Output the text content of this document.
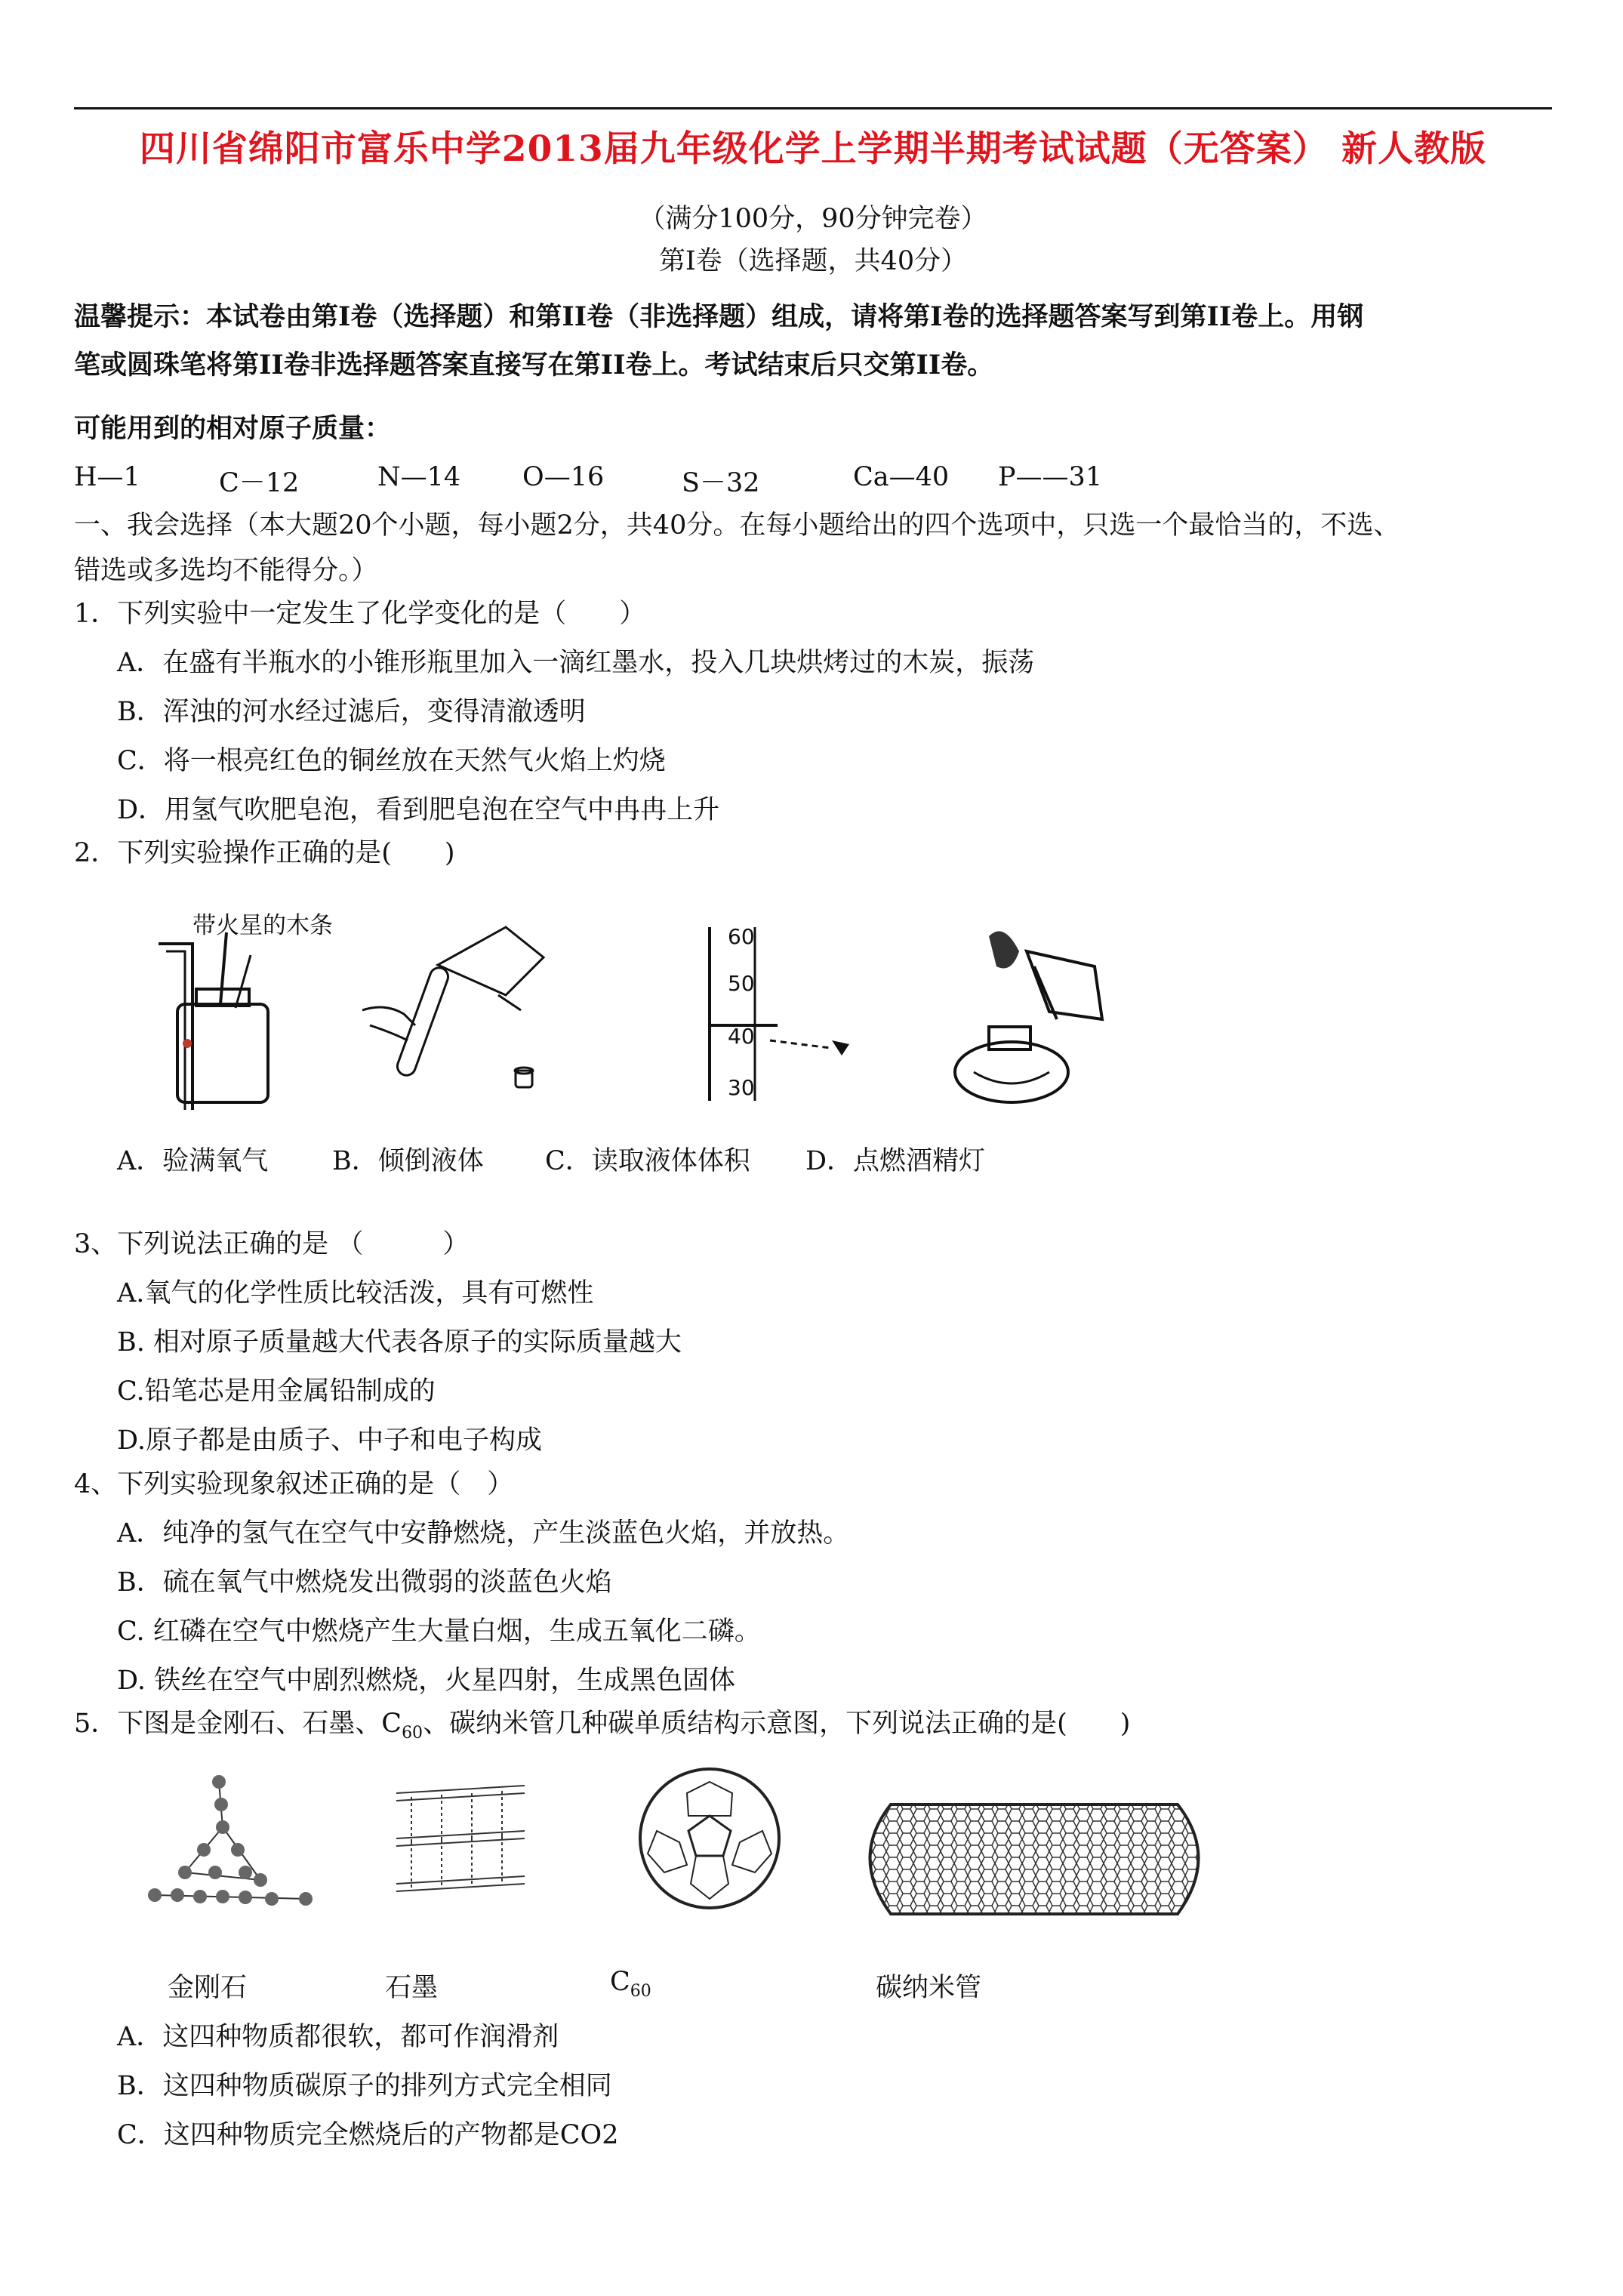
四川省绵阳市富乐中学2013届九年级化学上学期半期考试试题（无答案） 新人教版
（满分100分，90分钟完卷）
第Ⅰ卷（选择题，共40分）
温馨提示：本试卷由第Ⅰ卷（选择题）和第II卷（非选择题）组成，请将第Ⅰ卷的选择题答案写到第II卷上。用钢
笔或圆珠笔将第II卷非选择题答案直接写在第II卷上。考试结束后只交第II卷。
可能用到的相对原子质量：
H—1	C－12	N—14 O—16	S－32	Ca—40 P——31
一、我会选择（本大题20个小题，每小题2分，共40分。在每小题给出的四个选项中，只选一个最恰当的，不选、
错选或多选均不能得分。）
1．下列实验中一定发生了化学变化的是（　　）
A．在盛有半瓶水的小锥形瓶里加入一滴红墨水，投入几块烘烤过的木炭，振荡
B．浑浊的河水经过滤后，变得清澈透明
C．将一根亮红色的铜丝放在天然气火焰上灼烧
D．用氢气吹肥皂泡，看到肥皂泡在空气中冉冉上升
2．下列实验操作正确的是(　　)
带火星的木条	60
50
40
30
A．验满氧气 B．倾倒液体 C．读取液体体积 D．点燃酒精灯
3、下列说法正确的是 （　　　）
A.氧气的化学性质比较活泼，具有可燃性
B. 相对原子质量越大代表各原子的实际质量越大
C.铅笔芯是用金属铅制成的
D.原子都是由质子、中子和电子构成
4、下列实验现象叙述正确的是（　）
A．纯净的氢气在空气中安静燃烧，产生淡蓝色火焰，并放热。
B．硫在氧气中燃烧发出微弱的淡蓝色火焰
C. 红磷在空气中燃烧产生大量白烟，生成五氧化二磷。
D. 铁丝在空气中剧烈燃烧，火星四射，生成黑色固体
5．下图是金刚石、石墨、$C_{60}$、碳纳米管几种碳单质结构示意图，下列说法正确的是(　　)
金刚石	石墨	$C_{60}$	碳纳米管
A．这四种物质都很软，都可作润滑剂
B．这四种物质碳原子的排列方式完全相同
C．这四种物质完全燃烧后的产物都是CO2
